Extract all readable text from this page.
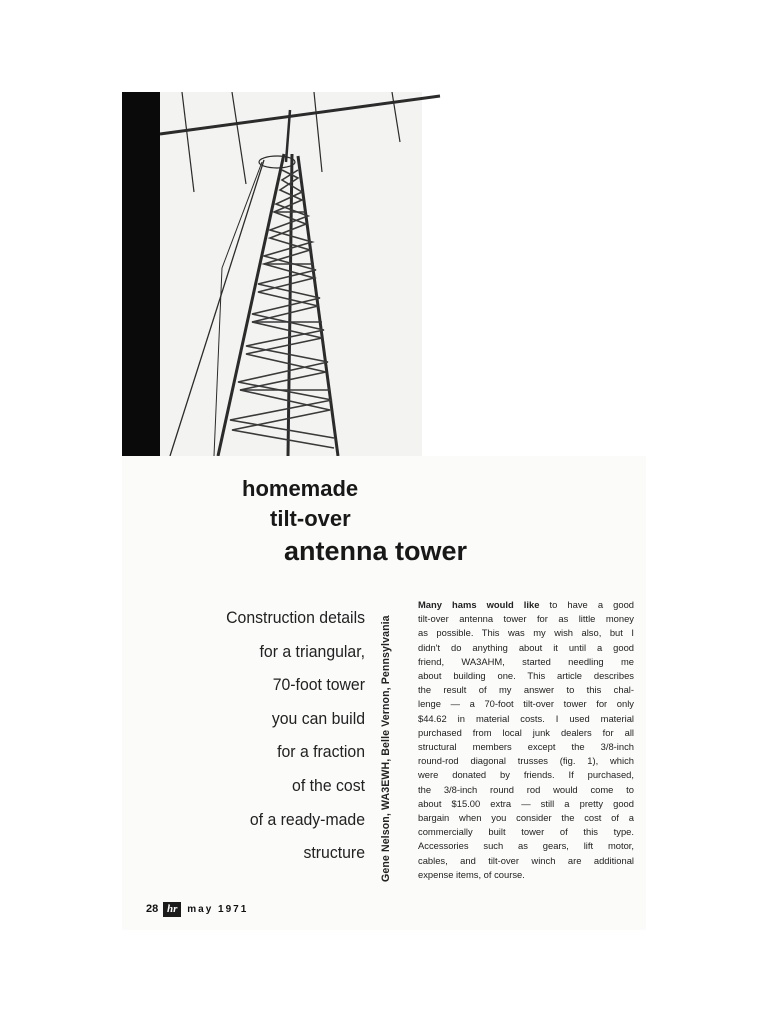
homemade
tilt-over
antenna tower
Construction details
for a triangular,
70-foot tower
you can build
for a fraction
of the cost
of a ready-made
structure Gene Nelson, WA3EWH, Belle Vernon, Pennsylvania
Many hams would like to have a good
tilt-over antenna tower for as little money
as possible. This was my wish also, but I
didn't do anything about it until a good
friend, WA3AHM, started needling me
about building one. This article describes
the result of my answer to this chal-
lenge — a 70-foot tilt-over tower for only
$44.62 in material costs. I used material
purchased from local junk dealers for all
structural members except the 3/8-inch
round-rod diagonal trusses (fig. 1), which
were donated by friends. If purchased,
the 3/8-inch round rod would come to
about $15.00 extra — still a pretty good
bargain when you consider the cost of a
commercially built tower of this type.
Accessories such as gears, lift motor,
cables, and tilt-over winch are additional
expense items, of course.
28 hr may 1971
